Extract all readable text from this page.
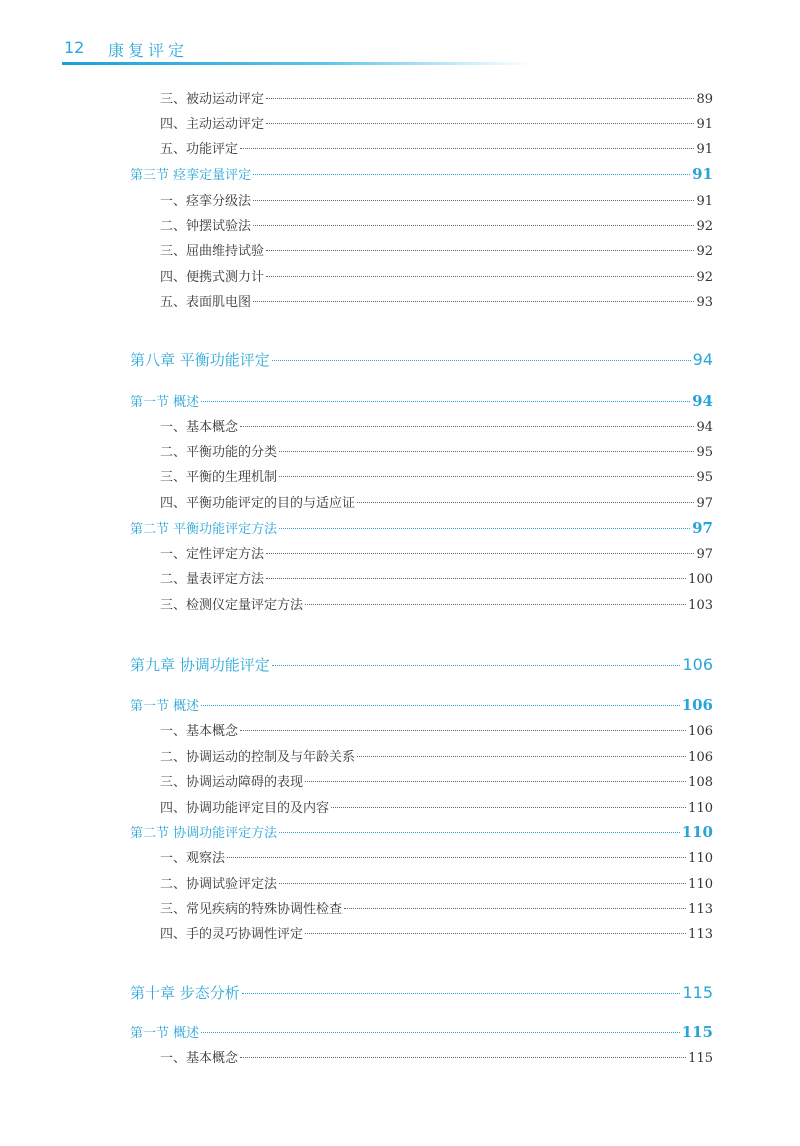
12 康复评定
三、被动运动评定	89
四、主动运动评定	91
五、功能评定	91
第三节 痉挛定量评定	91
一、痉挛分级法	91
二、钟摆试验法	92
三、屈曲维持试验	92
四、便携式测力计	92
五、表面肌电图	93
第八章 平衡功能评定	94
第一节 概述	94
一、基本概念	94
二、平衡功能的分类	95
三、平衡的生理机制	95
四、平衡功能评定的目的与适应证	97
第二节 平衡功能评定方法	97
一、定性评定方法	97
二、量表评定方法	100
三、检测仪定量评定方法	103
第九章 协调功能评定	106
第一节 概述	106
一、基本概念	106
二、协调运动的控制及与年龄关系	106
三、协调运动障碍的表现	108
四、协调功能评定目的及内容	110
第二节 协调功能评定方法	110
一、观察法	110
二、协调试验评定法	110
三、常见疾病的特殊协调性检查	113
四、手的灵巧协调性评定	113
第十章 步态分析	115
第一节 概述	115
一、基本概念	115
